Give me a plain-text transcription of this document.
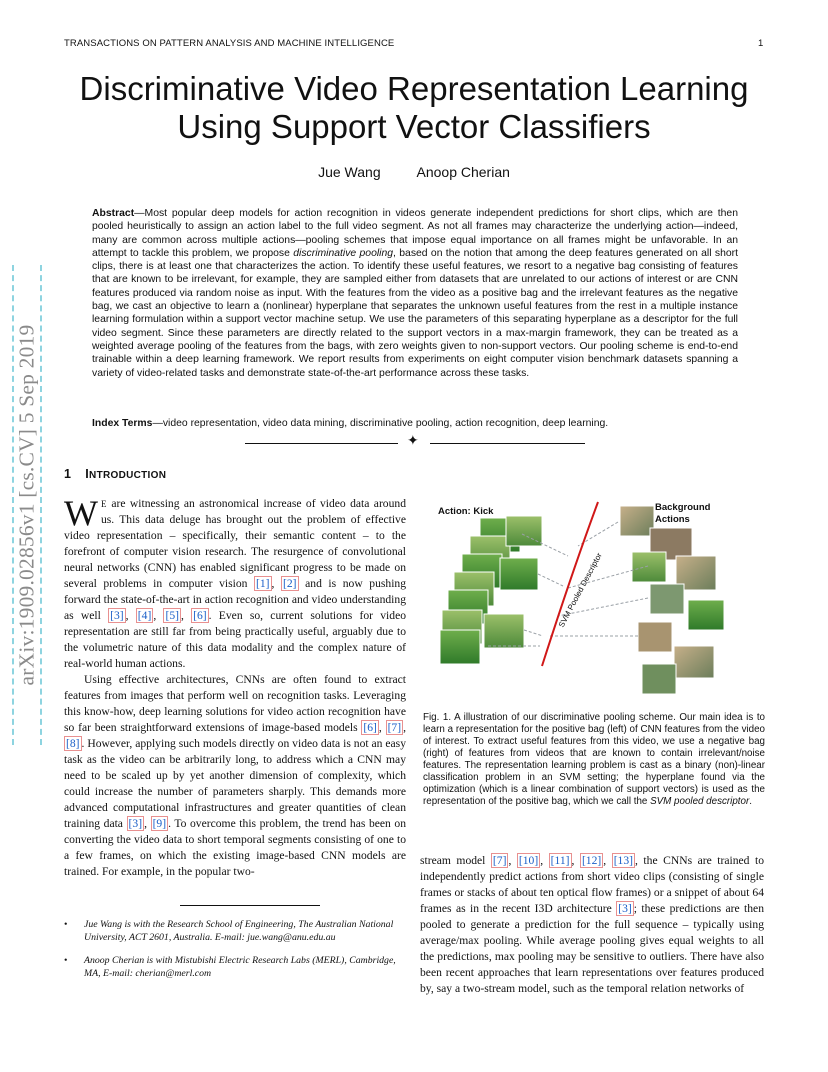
TRANSACTIONS ON PATTERN ANALYSIS AND MACHINE INTELLIGENCE	1
Discriminative Video Representation Learning
Using Support Vector Classifiers
Jue Wang	Anoop Cherian
arXiv:1909.02856v1 [cs.CV] 5 Sep 2019
Abstract—Most popular deep models for action recognition in videos generate independent predictions for short clips, which are then pooled heuristically to assign an action label to the full video segment. As not all frames may characterize the underlying action—indeed, many are common across multiple actions—pooling schemes that impose equal importance on all frames might be unfavorable. In an attempt to tackle this problem, we propose discriminative pooling, based on the notion that among the deep features generated on all short clips, there is at least one that characterizes the action. To identify these useful features, we resort to a negative bag consisting of features that are known to be irrelevant, for example, they are sampled either from datasets that are unrelated to our actions of interest or are CNN features produced via random noise as input. With the features from the video as a positive bag and the irrelevant features as the negative bag, we cast an objective to learn a (nonlinear) hyperplane that separates the unknown useful features from the rest in a multiple instance learning formulation within a support vector machine setup. We use the parameters of this separating hyperplane as a descriptor for the full video segment. Since these parameters are directly related to the support vectors in a max-margin framework, they can be treated as a weighted average pooling of the features from the bags, with zero weights given to non-support vectors. Our pooling scheme is end-to-end trainable within a deep learning framework. We report results from experiments on eight computer vision benchmark datasets spanning a variety of video-related tasks and demonstrate state-of-the-art performance across these tasks.
Index Terms—video representation, video data mining, discriminative pooling, action recognition, deep learning.
✦
1 INTRODUCTION

W E are witnessing an astronomical increase of video data around us. This data deluge has brought out the problem of effective video representation – specifically, their semantic content – to the forefront of computer vision research. The resurgence of convolutional neural networks (CNN) has enabled significant progress to be made on several problems in computer vision [1] , [2] and is now pushing forward the state-of-the-art in action recognition and video understanding as well [3] , [4] , [5] , [6] . Even so, current solutions for video representation are still far from being practically useful, arguably due to the volumetric nature of this data modality and the complex nature of real-world human actions.

Using effective architectures, CNNs are often found to extract features from images that perform well on recognition tasks. Leveraging this know-how, deep learning solutions for video action recognition have so far been straightforward extensions of image-based models [6] , [7] , [8] . However, applying such models directly on video data is not an easy task as the video can be arbitrarily long, to address which a CNN may need to be scaled up by yet another dimension of complexity, which could increase the number of parameters sharply. This demands more advanced computational infrastructures and greater quantities of clean training data [3] , [9] . To overcome this problem, the trend has been on converting the video data to short temporal segments consisting of one to a few frames, on which the existing image-based CNN models are trained. For example, in the popular two-

• Jue Wang is with the Research School of Engineering, The Australian National University, ACT 2601, Australia. E-mail: jue.wang@anu.edu.au
• Anoop Cherian is with Mistubishi Electric Research Labs (MERL), Cambridge, MA, E-mail: cherian@merl.com
Action: Kick	Background
Actions
SVM Pooled Descriptor
Fig. 1. A illustration of our discriminative pooling scheme. Our main idea is to learn a representation for the positive bag (left) of CNN features from the video of interest. To extract useful features from this video, we use a negative bag (right) of features from videos that are known to contain irrelevant/noise features. The representation learning problem is cast as a binary (non)-linear classification problem in an SVM setting; the hyperplane found via the optimization (which is a linear combination of support vectors) is used as the representation of the positive bag, which we call the SVM pooled descriptor.

stream model [7] , [10] , [11] , [12] , [13] , the CNNs are trained to independently predict actions from short video clips (consisting of single frames or stacks of about ten optical flow frames) or a snippet of about 64 frames as in the recent I3D architecture [3] ; these predictions are then pooled to generate a prediction for the full sequence – typically using average/max pooling. While average pooling gives equal weights to all the predictions, max pooling may be sensitive to outliers. There have also been recent approaches that learn representations over features produced by, say a two-stream model, such as the temporal relation networks of
